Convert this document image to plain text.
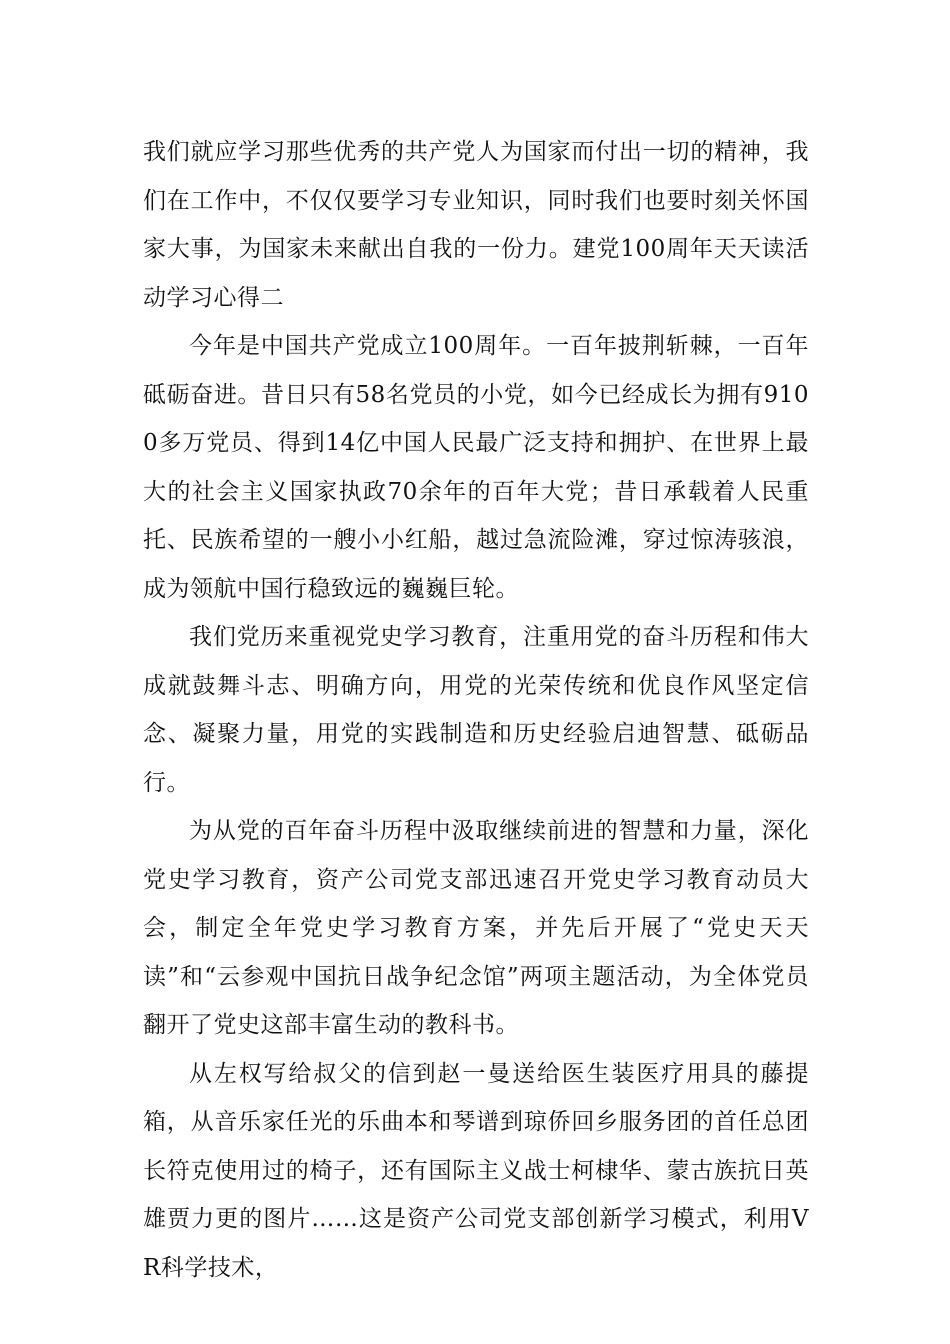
我们就应学习那些优秀的共产党人为国家而付出一切的精神，我们在工作中，不仅仅要学习专业知识，同时我们也要时刻关怀国家大事，为国家未来献出自我的一份力。建党100周年天天读活动学习心得二

今年是中国共产党成立100周年。一百年披荆斩棘，一百年砥砺奋进。昔日只有58名党员的小党，如今已经成长为拥有9100多万党员、得到14亿中国人民最广泛支持和拥护、在世界上最大的社会主义国家执政70余年的百年大党；昔日承载着人民重托、民族希望的一艘小小红船，越过急流险滩，穿过惊涛骇浪，成为领航中国行稳致远的巍巍巨轮。

我们党历来重视党史学习教育，注重用党的奋斗历程和伟大成就鼓舞斗志、明确方向，用党的光荣传统和优良作风坚定信念、凝聚力量，用党的实践制造和历史经验启迪智慧、砥砺品行。

为从党的百年奋斗历程中汲取继续前进的智慧和力量，深化党史学习教育，资产公司党支部迅速召开党史学习教育动员大会，制定全年党史学习教育方案，并先后开展了“党史天天读”和“云参观中国抗日战争纪念馆”两项主题活动，为全体党员翻开了党史这部丰富生动的教科书。

从左权写给叔父的信到赵一曼送给医生装医疗用具的藤提箱，从音乐家任光的乐曲本和琴谱到琼侨回乡服务团的首任总团长符克使用过的椅子，还有国际主义战士柯棣华、蒙古族抗日英雄贾力更的图片……这是资产公司党支部创新学习模式，利用VR科学技术，
